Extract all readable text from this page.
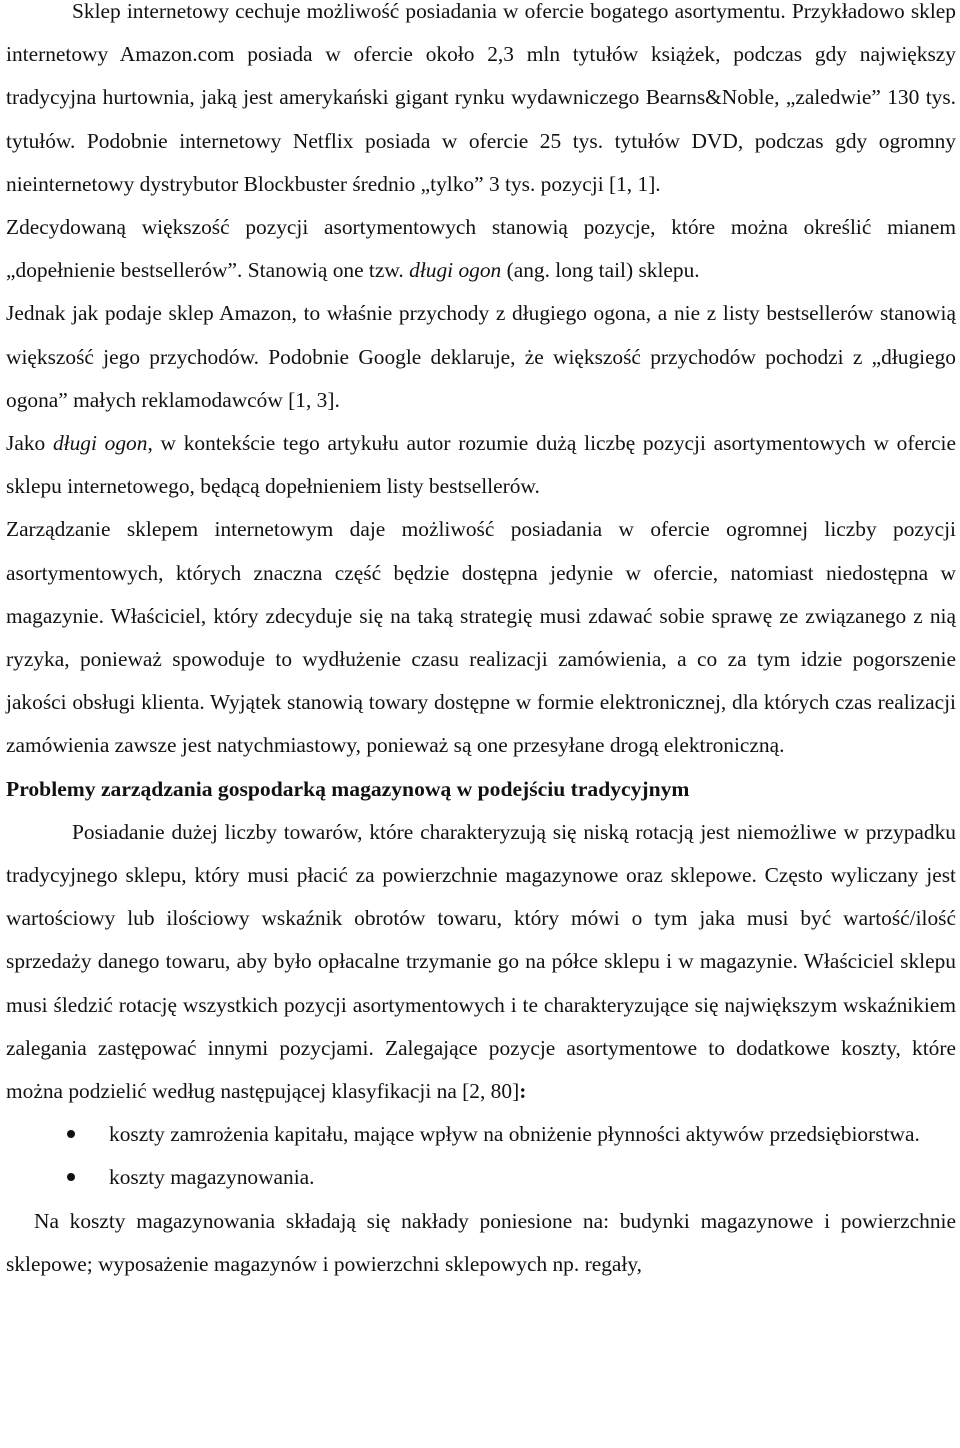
Sklep internetowy cechuje możliwość posiadania w ofercie bogatego asortymentu. Przykładowo sklep internetowy Amazon.com posiada w ofercie około 2,3 mln tytułów książek, podczas gdy największy tradycyjna hurtownia, jaką jest amerykański gigant rynku wydawniczego Bearns&Noble, „zaledwie” 130 tys. tytułów. Podobnie internetowy Netflix posiada w ofercie 25 tys. tytułów DVD, podczas gdy ogromny nieinternetowy dystrybutor Blockbuster średnio „tylko” 3 tys. pozycji [1, 1].

Zdecydowaną większość pozycji asortymentowych stanowią pozycje, które można określić mianem „dopełnienie bestsellerów”. Stanowią one tzw. długi ogon (ang. long tail) sklepu.

Jednak jak podaje sklep Amazon, to właśnie przychody z długiego ogona, a nie z listy bestsellerów stanowią większość jego przychodów. Podobnie Google deklaruje, że większość przychodów pochodzi z „długiego ogona” małych reklamodawców [1, 3].

Jako długi ogon, w kontekście tego artykułu autor rozumie dużą liczbę pozycji asortymentowych w ofercie sklepu internetowego, będącą dopełnieniem listy bestsellerów.

Zarządzanie sklepem internetowym daje możliwość posiadania w ofercie ogromnej liczby pozycji asortymentowych, których znaczna część będzie dostępna jedynie w ofercie, natomiast niedostępna w magazynie. Właściciel, który zdecyduje się na taką strategię musi zdawać sobie sprawę ze związanego z nią ryzyka, ponieważ spowoduje to wydłużenie czasu realizacji zamówienia, a co za tym idzie pogorszenie jakości obsługi klienta. Wyjątek stanowią towary dostępne w formie elektronicznej, dla których czas realizacji zamówienia zawsze jest natychmiastowy, ponieważ są one przesyłane drogą elektroniczną.

Problemy zarządzania gospodarką magazynową w podejściu tradycyjnym

Posiadanie dużej liczby towarów, które charakteryzują się niską rotacją jest niemożliwe w przypadku tradycyjnego sklepu, który musi płacić za powierzchnie magazynowe oraz sklepowe. Często wyliczany jest wartościowy lub ilościowy wskaźnik obrotów towaru, który mówi o tym jaka musi być wartość/ilość sprzedaży danego towaru, aby było opłacalne trzymanie go na półce sklepu i w magazynie. Właściciel sklepu musi śledzić rotację wszystkich pozycji asortymentowych i te charakteryzujące się największym wskaźnikiem zalegania zastępować innymi pozycjami. Zalegające pozycje asortymentowe to dodatkowe koszty, które można podzielić według następującej klasyfikacji na [2, 80]:

koszty zamrożenia kapitału, mające wpływ na obniżenie płynności aktywów przedsiębiorstwa.
koszty magazynowania.

Na koszty magazynowania składają się nakłady poniesione na: budynki magazynowe i powierzchnie sklepowe; wyposażenie magazynów i powierzchni sklepowych np. regały,
